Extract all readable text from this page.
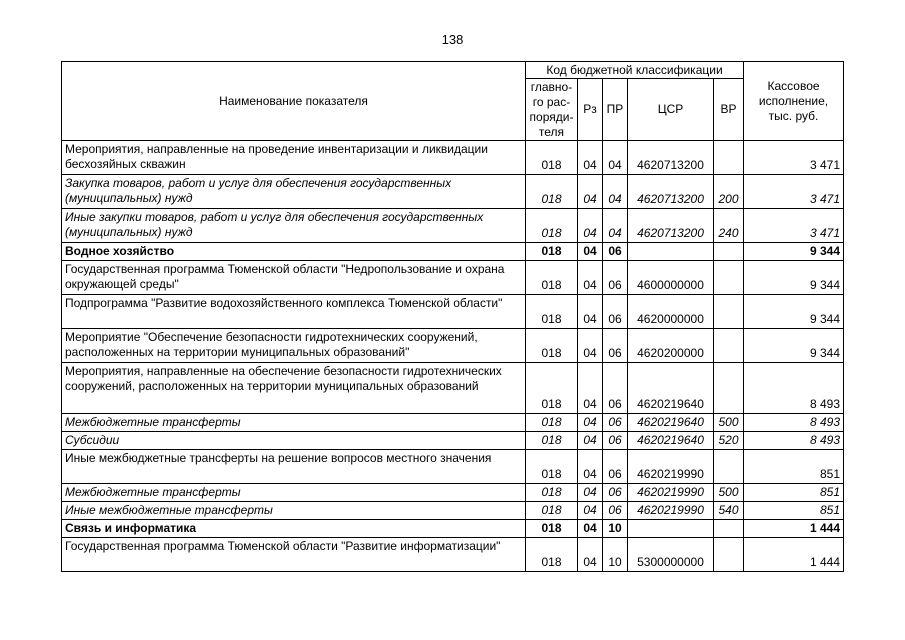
138
Наименование показателя	Код бюджетной классификации					Кассовое исполнение, тыс. руб.
	главно-го рас-поряди-теля	Рз	ПР	ЦСР	ВР	
Мероприятия, направленные на проведение инвентаризации и ликвидации бесхозяйных скважин	018	04	04	4620713200		3 471
Закупка товаров, работ и услуг для обеспечения государственных (муниципальных) нужд	018	04	04	4620713200	200	3 471
Иные закупки товаров, работ и услуг для обеспечения государственных (муниципальных) нужд	018	04	04	4620713200	240	3 471
Водное хозяйство	018	04	06			9 344
Государственная программа Тюменской области "Недропользование и охрана окружающей среды"	018	04	06	4600000000		9 344
Подпрограмма "Развитие водохозяйственного комплекса Тюменской области"	018	04	06	4620000000		9 344
Мероприятие "Обеспечение безопасности гидротехнических сооружений, расположенных на территории муниципальных образований"	018	04	06	4620200000		9 344
Мероприятия, направленные на обеспечение безопасности гидротехнических сооружений, расположенных на территории муниципальных образований	018	04	06	4620219640		8 493
Межбюджетные трансферты	018	04	06	4620219640	500	8 493
Субсидии	018	04	06	4620219640	520	8 493
Иные межбюджетные трансферты на решение вопросов местного значения	018	04	06	4620219990		851
Межбюджетные трансферты	018	04	06	4620219990	500	851
Иные межбюджетные трансферты	018	04	06	4620219990	540	851
Связь и информатика	018	04	10			1 444
Государственная программа Тюменской области "Развитие информатизации"	018	04	10	5300000000		1 444
